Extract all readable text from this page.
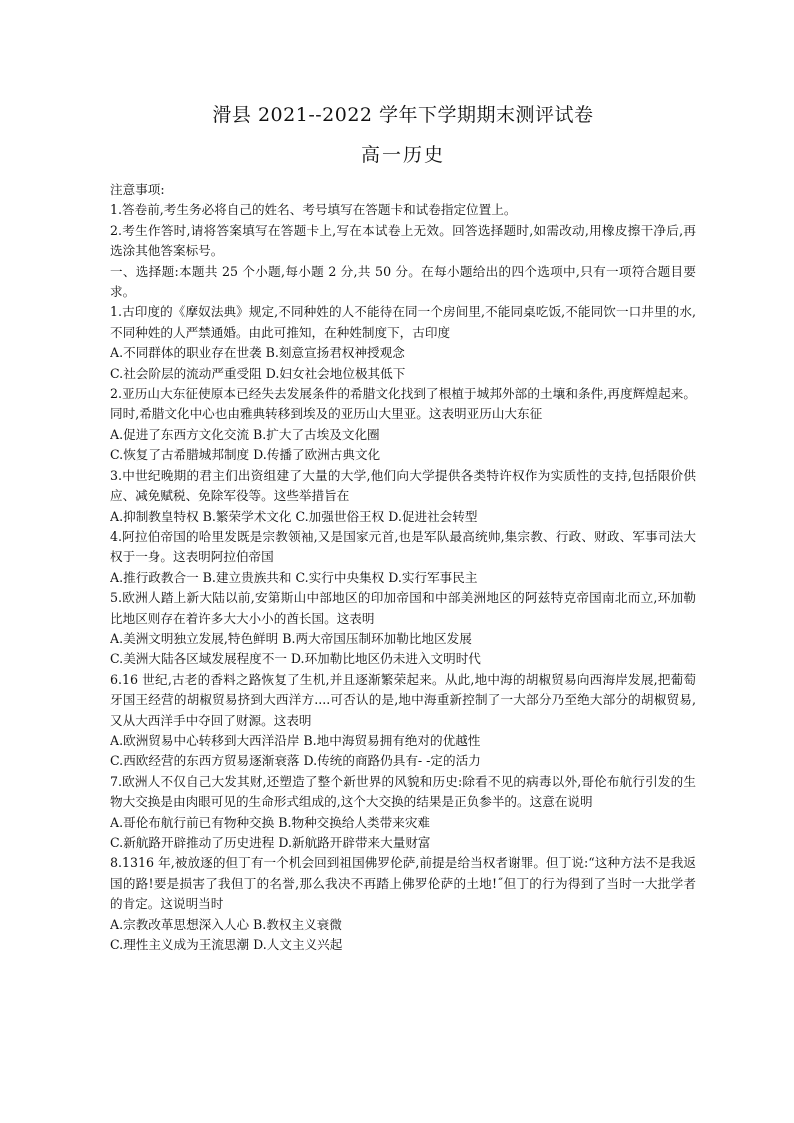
滑县 2021--2022 学年下学期期末测评试卷
高一历史
注意事项:
1.答卷前,考生务必将自己的姓名、考号填写在答题卡和试卷指定位置上。
2.考生作答时,请将答案填写在答题卡上,写在本试卷上无效。回答选择题时,如需改动,用橡皮擦干净后,再选涂其他答案标号。
一、选择题:本题共 25 个小题,每小题 2 分,共 50 分。在每小题给出的四个选项中,只有一项符合题目要求。
1.古印度的《摩奴法典》规定,不同种姓的人不能待在同一个房间里,不能同桌吃饭,不能同饮一口井里的水,不同种姓的人严禁通婚。由此可推知，在种姓制度下，古印度
A.不同群体的职业存在世袭 B.刻意宣扬君权神授观念
C.社会阶层的流动严重受阻 D.妇女社会地位极其低下
2.亚历山大东征使原本已经失去发展条件的希腊文化找到了根植于城邦外部的土壤和条件,再度辉煌起来。同时,希腊文化中心也由雅典转移到埃及的亚历山大里亚。这表明亚历山大东征
A.促进了东西方文化交流 B.扩大了古埃及文化圈
C.恢复了古希腊城邦制度 D.传播了欧洲古典文化
3.中世纪晚期的君主们出资组建了大量的大学,他们向大学提供各类特许权作为实质性的支持,包括限价供应、减免赋税、免除军役等。这些举措旨在
A.抑制教皇特权 B.繁荣学术文化 C.加强世俗王权 D.促进社会转型
4.阿拉伯帝国的哈里发既是宗教领袖,又是国家元首,也是军队最高统帅,集宗教、行政、财政、军事司法大权于一身。这表明阿拉伯帝国
A.推行政教合一 B.建立贵族共和 C.实行中央集权 D.实行军事民主
5.欧洲人踏上新大陆以前,安第斯山中部地区的印加帝国和中部美洲地区的阿兹特克帝国南北而立,环加勒比地区则存在着许多大大小小的酋长国。这表明
A.美洲文明独立发展,特色鲜明 B.两大帝国压制环加勒比地区发展
C.美洲大陆各区域发展程度不一 D.环加勒比地区仍未进入文明时代
6.16 世纪,古老的香料之路恢复了生机,并且逐渐繁荣起来。从此,地中海的胡椒贸易向西海岸发展,把葡萄牙国王经营的胡椒贸易挤到大西洋方....可否认的是,地中海重新控制了一大部分乃至绝大部分的胡椒贸易,又从大西洋手中夺回了财源。这表明
A.欧洲贸易中心转移到大西洋沿岸 B.地中海贸易拥有绝对的优越性
C.西欧经营的东西方贸易逐渐衰落 D.传统的商路仍具有- -定的活力
7.欧洲人不仅自己大发其财,还塑造了整个新世界的风貌和历史:除看不见的病毒以外,哥伦布航行引发的生物大交换是由肉眼可见的生命形式组成的,这个大交换的结果是正负参半的。这意在说明
A.哥伦布航行前已有物种交换 B.物种交换给人类带来灾难
C.新航路开辟推动了历史进程 D.新航路开辟带来大量财富
8.1316 年,被放逐的但丁有一个机会回到祖国佛罗伦萨,前提是给当权者谢罪。但丁说:“这种方法不是我返国的路!要是损害了我但丁的名誉,那么我决不再踏上佛罗伦萨的土地!˝但丁的行为得到了当时一大批学者的肯定。这说明当时
A.宗教改革思想深入人心 B.教权主义衰微
C.理性主义成为王流思潮 D.人文主义兴起
